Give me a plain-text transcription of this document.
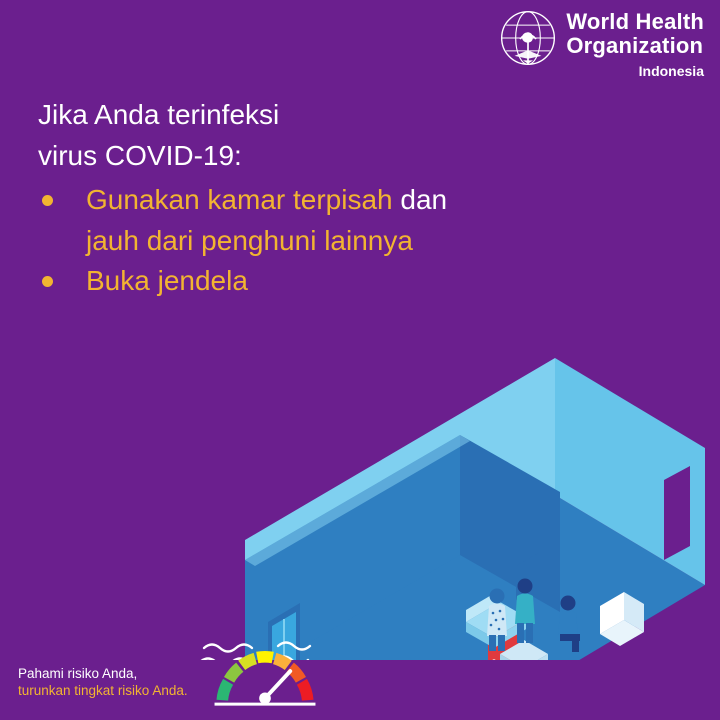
World Health
Organization
Indonesia
Jika Anda terinfeksi
virus COVID-19:
Gunakan kamar terpisah dan
jauh dari penghuni lainnya
Buka jendela
Pahami risiko Anda,
turunkan tingkat risiko Anda.
